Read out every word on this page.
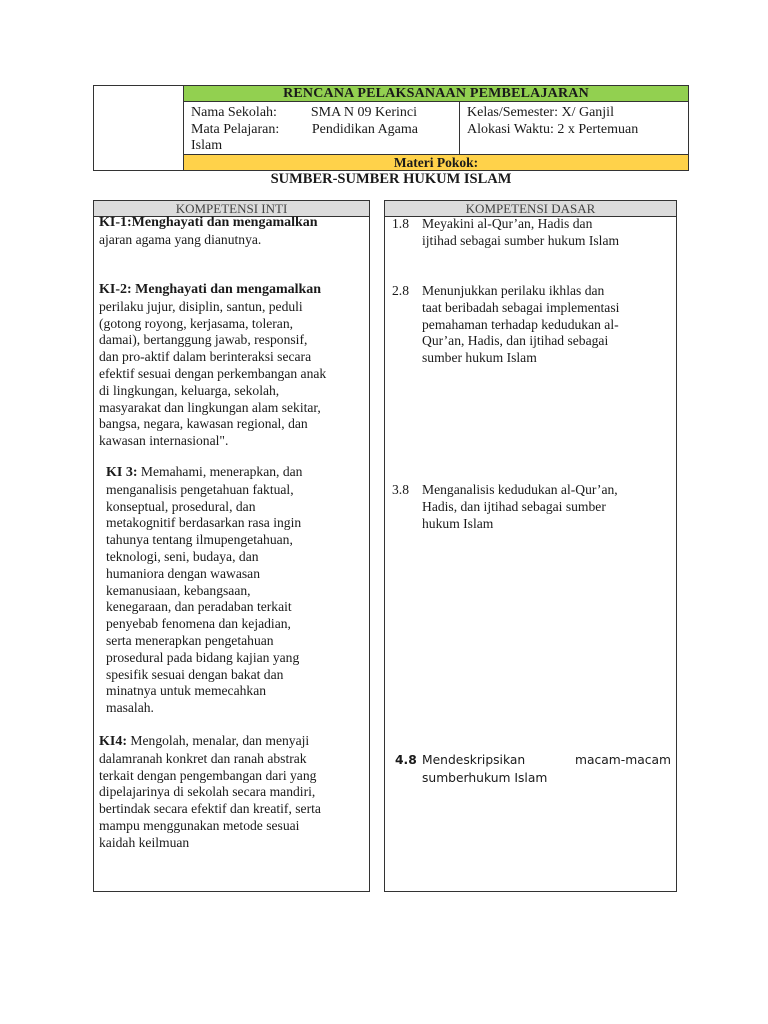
RENCANA PELAKSANAAN PEMBELAJARAN
Nama Sekolah: SMA N 09 Kerinci
Mata Pelajaran: Pendidikan Agama
Islam
Kelas/Semester: X/ Ganjil
Alokasi Waktu: 2 x Pertemuan
Materi Pokok:
SUMBER-SUMBER HUKUM ISLAM
KOMPETENSI INTI
KI-1:Menghayati dan mengamalkan
ajaran agama yang dianutnya.
KI-2: Menghayati dan mengamalkan
perilaku jujur, disiplin, santun, peduli
(gotong royong, kerjasama, toleran,
damai), bertanggung jawab, responsif,
dan pro-aktif dalam berinteraksi secara
efektif sesuai dengan perkembangan anak
di lingkungan, keluarga, sekolah,
masyarakat dan lingkungan alam sekitar,
bangsa, negara, kawasan regional, dan
kawasan internasional".
KI 3: Memahami, menerapkan, dan
menganalisis pengetahuan faktual,
konseptual, prosedural, dan
metakognitif berdasarkan rasa ingin
tahunya tentang ilmupengetahuan,
teknologi, seni, budaya, dan
humaniora dengan wawasan
kemanusiaan, kebangsaan,
kenegaraan, dan peradaban terkait
penyebab fenomena dan kejadian,
serta menerapkan pengetahuan
prosedural pada bidang kajian yang
spesifik sesuai dengan bakat dan
minatnya untuk memecahkan
masalah.
KI4: Mengolah, menalar, dan menyaji
dalamranah konkret dan ranah abstrak
terkait dengan pengembangan dari yang
dipelajarinya di sekolah secara mandiri,
bertindak secara efektif dan kreatif, serta
mampu menggunakan metode sesuai
kaidah keilmuan
KOMPETENSI DASAR
1.8 Meyakini al-Qur’an, Hadis dan
ijtihad sebagai sumber hukum Islam
2.8 Menunjukkan perilaku ikhlas dan
taat beribadah sebagai implementasi
pemahaman terhadap kedudukan al-
Qur’an, Hadis, dan ijtihad sebagai
sumber hukum Islam
3.8 Menganalisis kedudukan al-Qur’an,
Hadis, dan ijtihad sebagai sumber
hukum Islam
4.8 Mendeskripsikan	macam-macam
sumberhukum Islam
